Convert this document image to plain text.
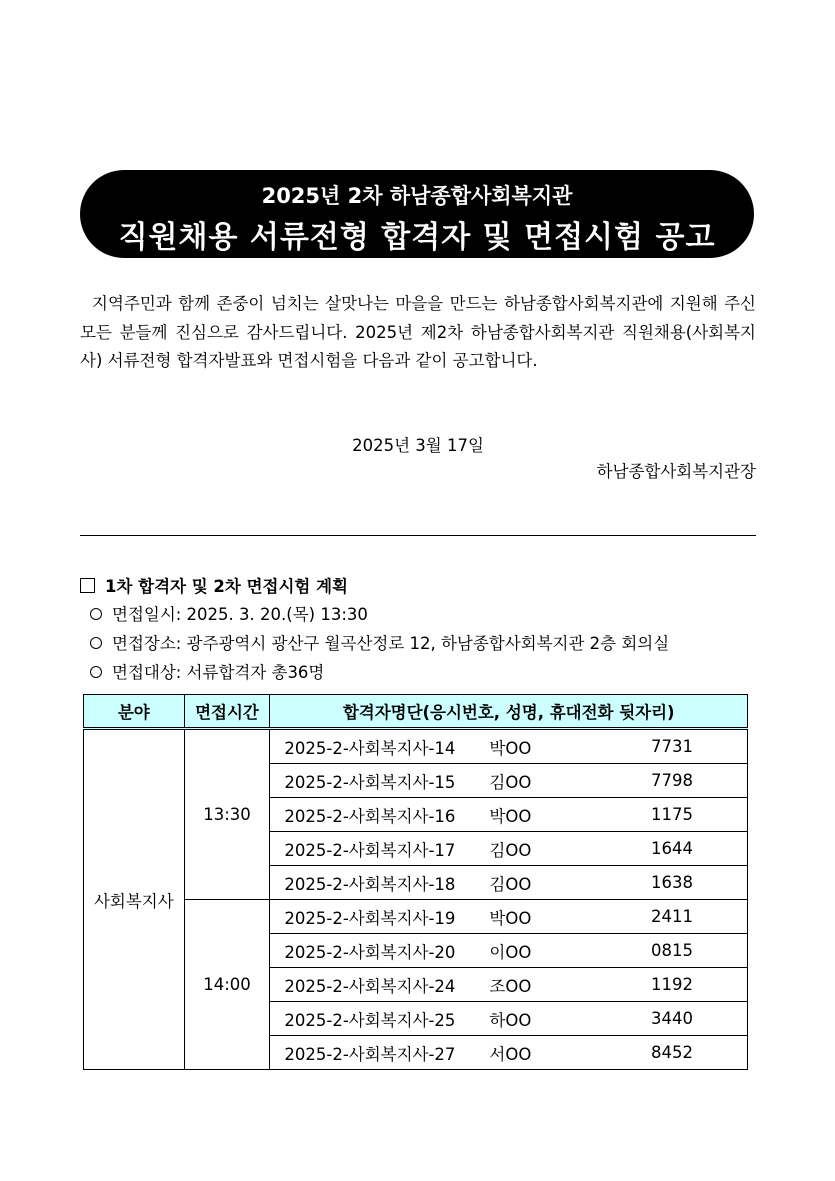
2025년 2차 하남종합사회복지관
직원채용 서류전형 합격자 및 면접시험 공고

지역주민과 함께 존중이 넘치는 살맛나는 마을을 만드는 하남종합사회복지관에 지원해 주신 모든 분들께 진심으로 감사드립니다. 2025년 제2차 하남종합사회복지관 직원채용(사회복지사) 서류전형 합격자발표와 면접시험을 다음과 같이 공고합니다.

2025년 3월 17일
하남종합사회복지관장
1차 합격자 및 2차 면접시험 계획
면접일시: 2025. 3. 20.(목) 13:30
면접장소: 광주광역시 광산구 월곡산정로 12, 하남종합사회복지관 2층 회의실
면접대상: 서류합격자 총36명
분야	면접시간	합격자명단(응시번호, 성명, 휴대전화 뒷자리)
사회복지사	13:30	2025-2-사회복지사-14 박OO 7731

		2025-2-사회복지사-15 김OO 7798

		2025-2-사회복지사-16 박OO 1175

		2025-2-사회복지사-17 김OO 1644

		2025-2-사회복지사-18 김OO 1638

	14:00	2025-2-사회복지사-19 박OO 2411

		2025-2-사회복지사-20 이OO 0815

		2025-2-사회복지사-24 조OO 1192

		2025-2-사회복지사-25 하OO 3440

		2025-2-사회복지사-27 서OO 8452
